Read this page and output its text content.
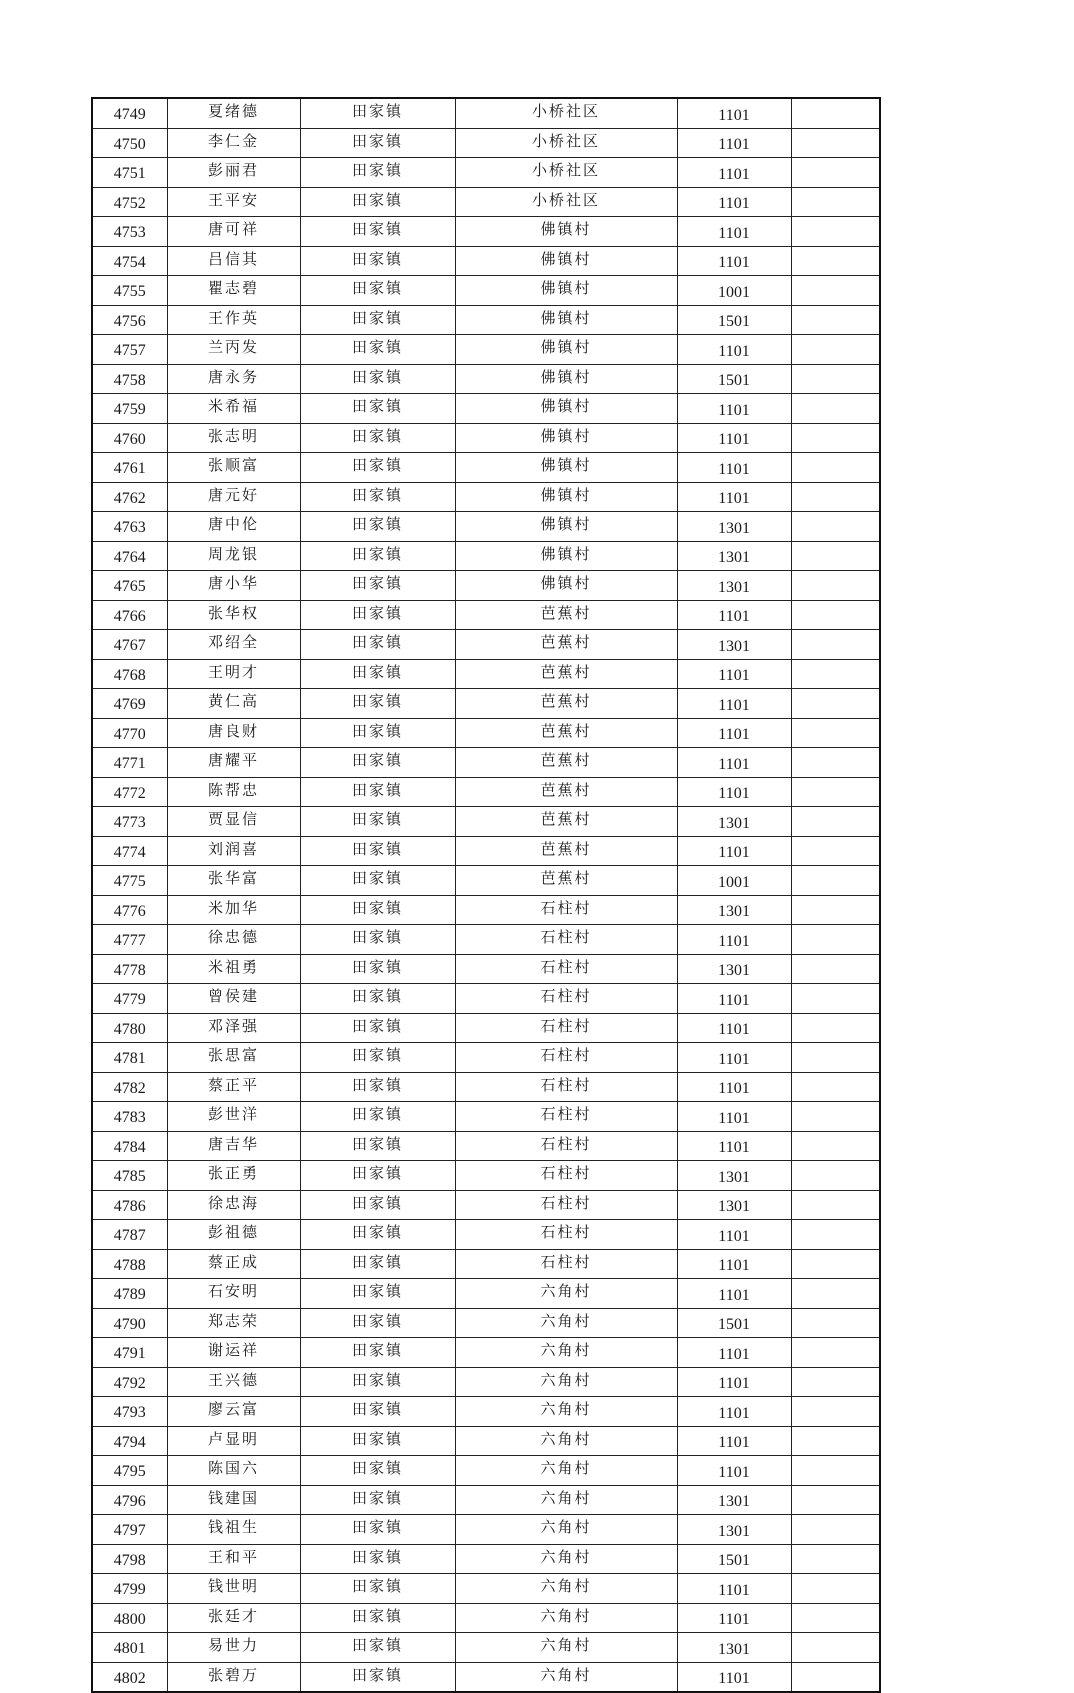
4749	夏绪德	田家镇	小桥社区	1101	
4750	李仁金	田家镇	小桥社区	1101	
4751	彭丽君	田家镇	小桥社区	1101	
4752	王平安	田家镇	小桥社区	1101	
4753	唐可祥	田家镇	佛镇村	1101	
4754	吕信其	田家镇	佛镇村	1101	
4755	瞿志碧	田家镇	佛镇村	1001	
4756	王作英	田家镇	佛镇村	1501	
4757	兰丙发	田家镇	佛镇村	1101	
4758	唐永务	田家镇	佛镇村	1501	
4759	米希福	田家镇	佛镇村	1101	
4760	张志明	田家镇	佛镇村	1101	
4761	张顺富	田家镇	佛镇村	1101	
4762	唐元好	田家镇	佛镇村	1101	
4763	唐中伦	田家镇	佛镇村	1301	
4764	周龙银	田家镇	佛镇村	1301	
4765	唐小华	田家镇	佛镇村	1301	
4766	张华权	田家镇	芭蕉村	1101	
4767	邓绍全	田家镇	芭蕉村	1301	
4768	王明才	田家镇	芭蕉村	1101	
4769	黄仁高	田家镇	芭蕉村	1101	
4770	唐良财	田家镇	芭蕉村	1101	
4771	唐耀平	田家镇	芭蕉村	1101	
4772	陈帮忠	田家镇	芭蕉村	1101	
4773	贾显信	田家镇	芭蕉村	1301	
4774	刘润喜	田家镇	芭蕉村	1101	
4775	张华富	田家镇	芭蕉村	1001	
4776	米加华	田家镇	石柱村	1301	
4777	徐忠德	田家镇	石柱村	1101	
4778	米祖勇	田家镇	石柱村	1301	
4779	曾侯建	田家镇	石柱村	1101	
4780	邓泽强	田家镇	石柱村	1101	
4781	张思富	田家镇	石柱村	1101	
4782	蔡正平	田家镇	石柱村	1101	
4783	彭世洋	田家镇	石柱村	1101	
4784	唐吉华	田家镇	石柱村	1101	
4785	张正勇	田家镇	石柱村	1301	
4786	徐忠海	田家镇	石柱村	1301	
4787	彭祖德	田家镇	石柱村	1101	
4788	蔡正成	田家镇	石柱村	1101	
4789	石安明	田家镇	六角村	1101	
4790	郑志荣	田家镇	六角村	1501	
4791	谢运祥	田家镇	六角村	1101	
4792	王兴德	田家镇	六角村	1101	
4793	廖云富	田家镇	六角村	1101	
4794	卢显明	田家镇	六角村	1101	
4795	陈国六	田家镇	六角村	1101	
4796	钱建国	田家镇	六角村	1301	
4797	钱祖生	田家镇	六角村	1301	
4798	王和平	田家镇	六角村	1501	
4799	钱世明	田家镇	六角村	1101	
4800	张廷才	田家镇	六角村	1101	
4801	易世力	田家镇	六角村	1301	
4802	张碧万	田家镇	六角村	1101	
